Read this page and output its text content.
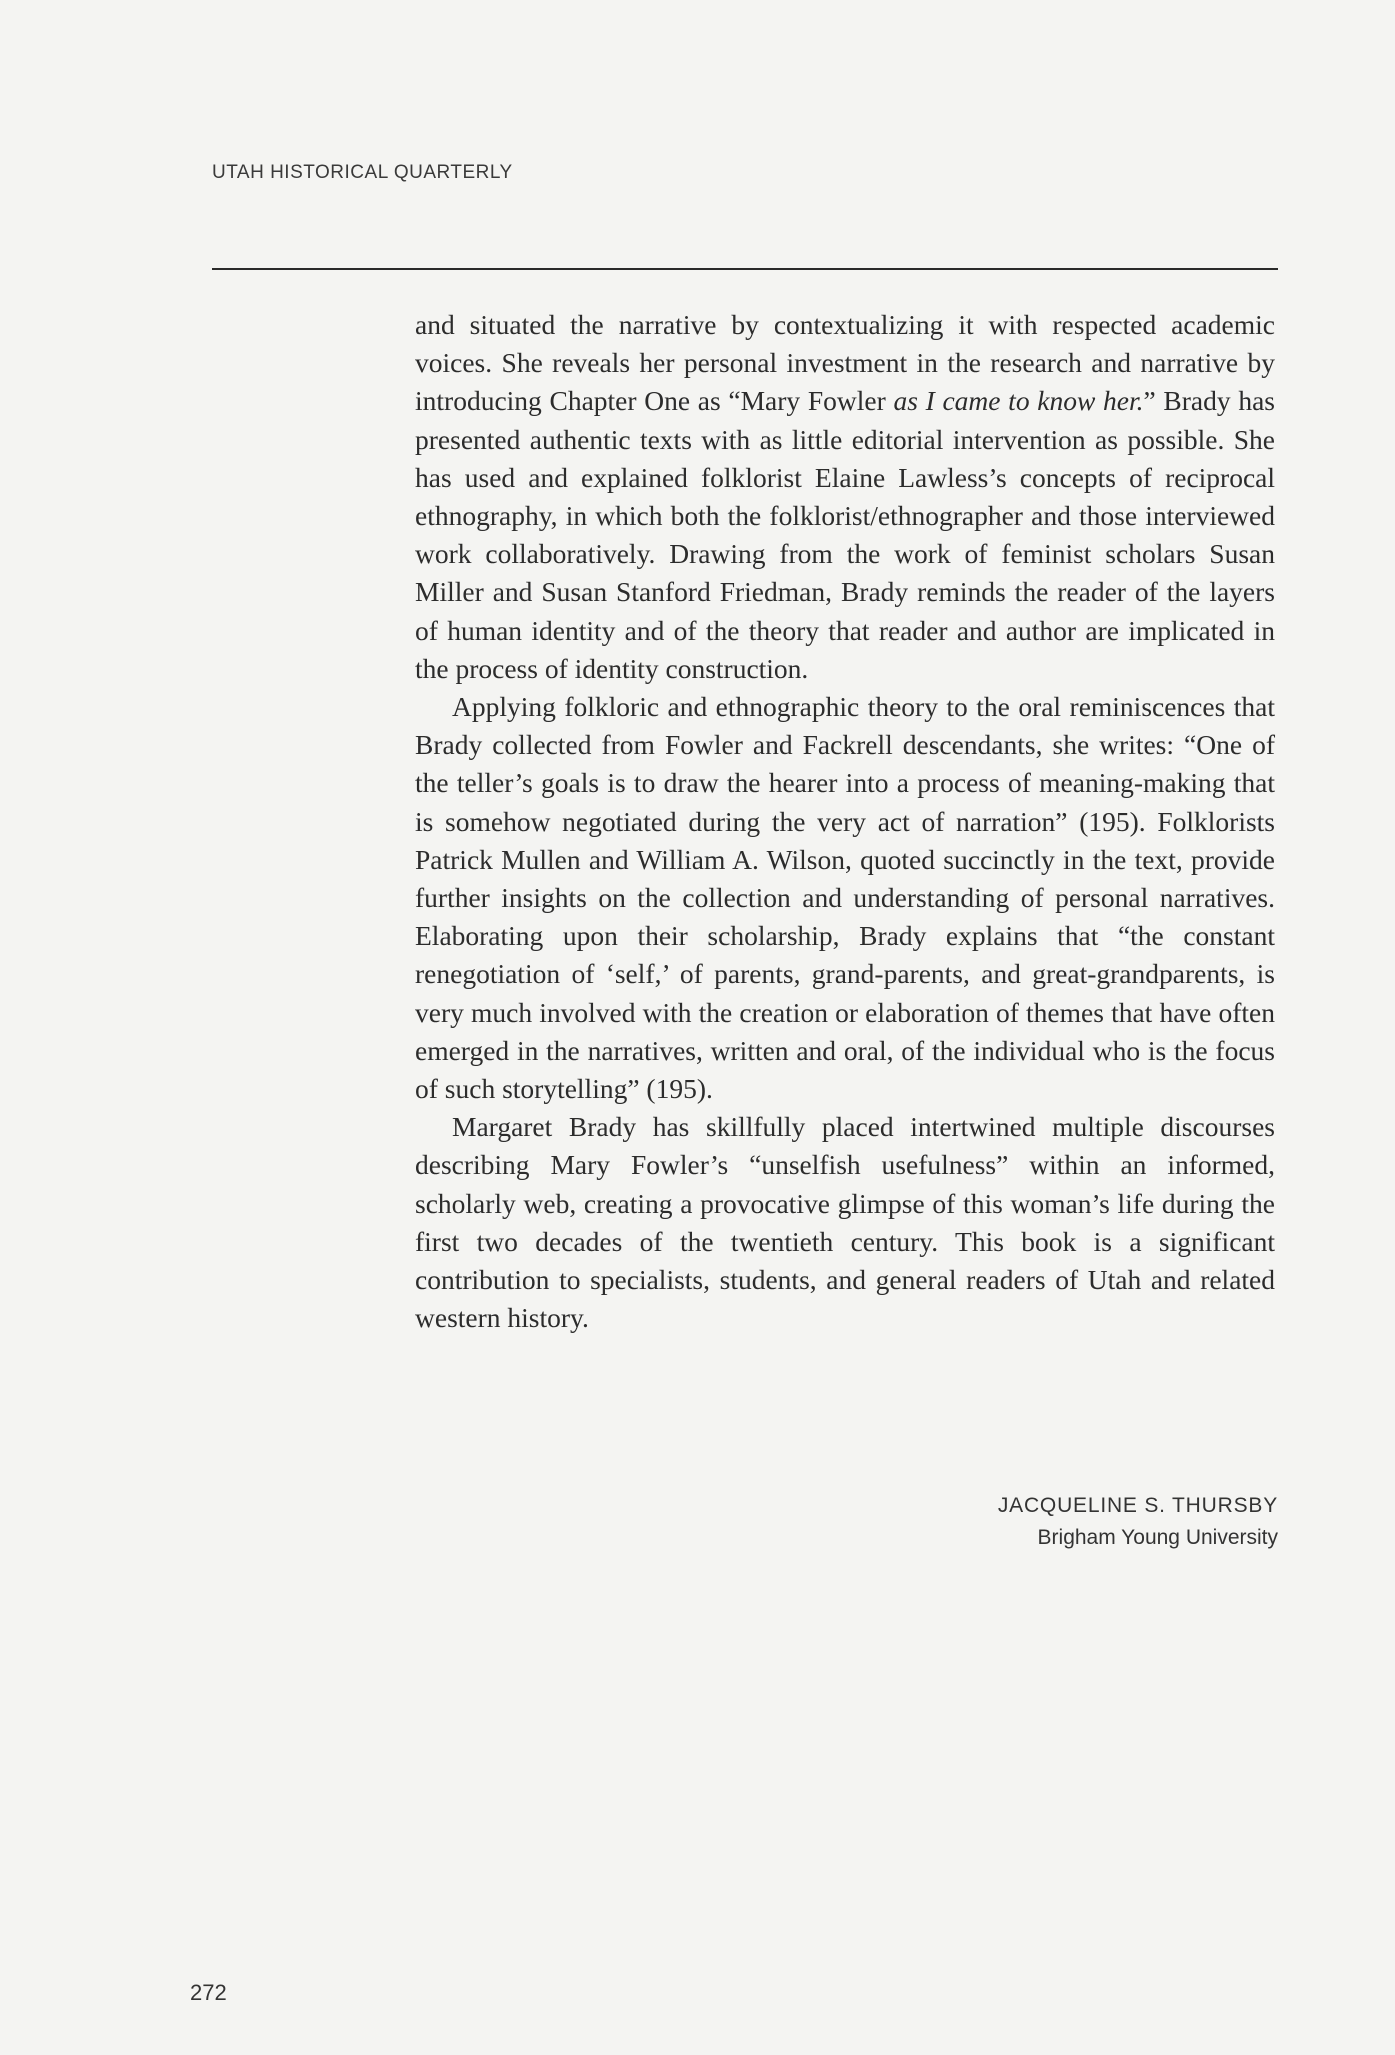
UTAH HISTORICAL QUARTERLY

and situated the narrative by contextualizing it with respected academic voices. She reveals her personal investment in the research and narrative by introducing Chapter One as “Mary Fowler as I came to know her.” Brady has presented authentic texts with as little editorial intervention as possible. She has used and explained folklorist Elaine Lawless’s concepts of reciprocal ethnography, in which both the folklorist/ethnographer and those interviewed work collaboratively. Drawing from the work of feminist scholars Susan Miller and Susan Stanford Friedman, Brady reminds the reader of the layers of human identity and of the theory that reader and author are implicated in the process of identity construction.

Applying folkloric and ethnographic theory to the oral reminiscences that Brady collected from Fowler and Fackrell descendants, she writes: “One of the teller’s goals is to draw the hearer into a process of meaning-making that is somehow negotiated during the very act of narration” (195). Folklorists Patrick Mullen and William A. Wilson, quoted succinctly in the text, provide further insights on the collection and understanding of personal narratives. Elaborating upon their scholarship, Brady explains that “the constant renegotiation of ‘self,’ of parents, grand-parents, and great-grandparents, is very much involved with the creation or elaboration of themes that have often emerged in the narratives, written and oral, of the individual who is the focus of such storytelling” (195).

Margaret Brady has skillfully placed intertwined multiple discourses describing Mary Fowler’s “unselfish usefulness” within an informed, scholarly web, creating a provocative glimpse of this woman’s life during the first two decades of the twentieth century. This book is a significant contribution to specialists, students, and general readers of Utah and related western history.

JACQUELINE S. THURSBY
Brigham Young University
272
